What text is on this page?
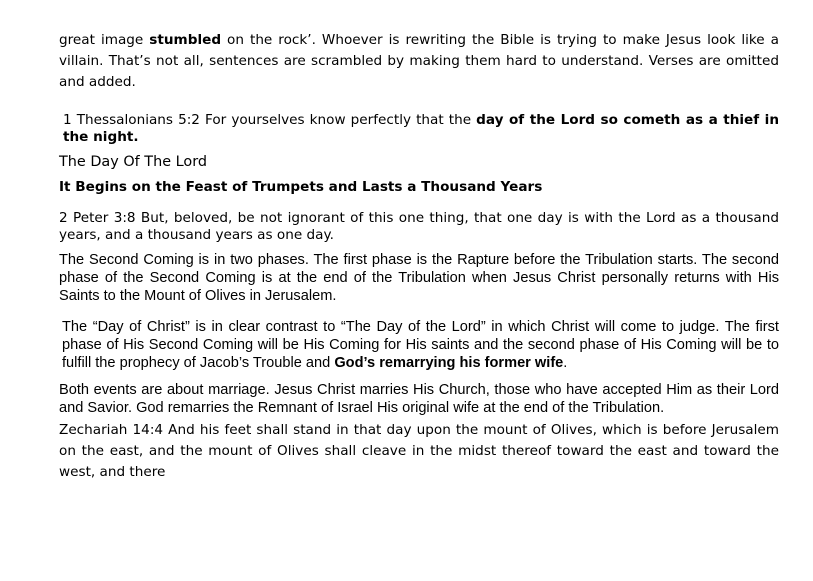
great image stumbled on the rock’. Whoever is rewriting the Bible is trying to make Jesus look like a villain. That’s not all, sentences are scrambled by making them hard to understand. Verses are omitted and added.

1 Thessalonians 5:2 For yourselves know perfectly that the day of the Lord so cometh as a thief in the night.

The Day Of The Lord

It Begins on the Feast of Trumpets and Lasts a Thousand Years

2 Peter 3:8 But, beloved, be not ignorant of this one thing, that one day is with the Lord as a thousand years, and a thousand years as one day.

The Second Coming is in two phases. The first phase is the Rapture before the Tribulation starts. The second phase of the Second Coming is at the end of the Tribulation when Jesus Christ personally returns with His Saints to the Mount of Olives in Jerusalem.

The “Day of Christ” is in clear contrast to “The Day of the Lord” in which Christ will come to judge. The first phase of His Second Coming will be His Coming for His saints and the second phase of His Coming will be to fulfill the prophecy of Jacob’s Trouble and God’s remarrying his former wife.

Both events are about marriage. Jesus Christ marries His Church, those who have accepted Him as their Lord and Savior. God remarries the Remnant of Israel His original wife at the end of the Tribulation.

Zechariah 14:4 And his feet shall stand in that day upon the mount of Olives, which is before Jerusalem on the east, and the mount of Olives shall cleave in the midst thereof toward the east and toward the west, and there
